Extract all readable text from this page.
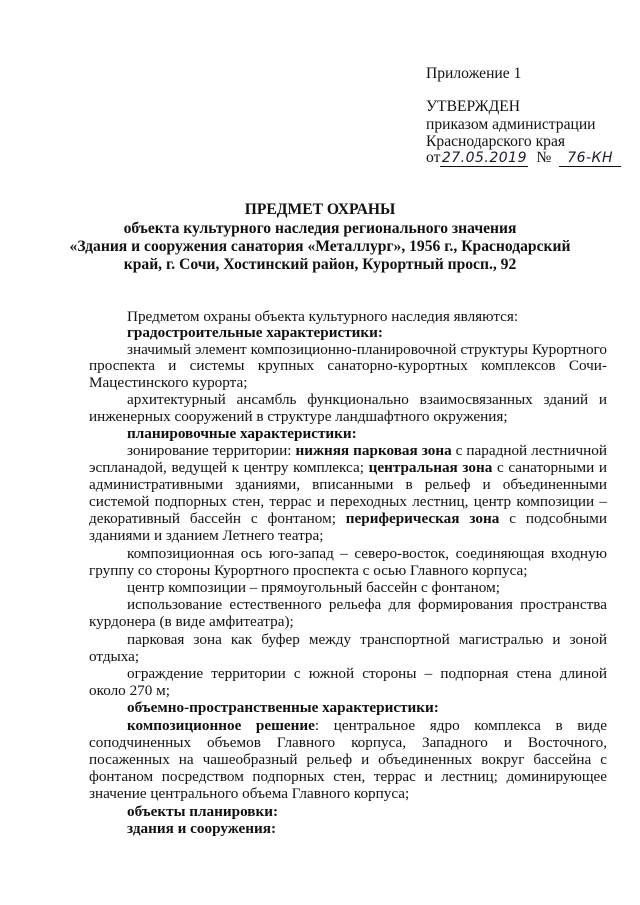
Приложение 1
УТВЕРЖДЕН
приказом администрации
Краснодарского края
от27.05.2019 № 76-КН
ПРЕДМЕТ ОХРАНЫ
объекта культурного наследия регионального значения
«Здания и сооружения санатория «Металлург», 1956 г., Краснодарский
край, г. Сочи, Хостинский район, Курортный просп., 92
Предметом охраны объекта культурного наследия являются:
градостроительные характеристики:
значимый элемент композиционно-планировочной структуры Курортного
проспекта и системы крупных санаторно-курортных комплексов Сочи-
Мацестинского курорта;
архитектурный ансамбль функционально взаимосвязанных зданий и
инженерных сооружений в структуре ландшафтного окружения;
планировочные характеристики:
зонирование территории: нижняя парковая зона с парадной лестничной
эспланадой, ведущей к центру комплекса; центральная зона с санаторными и
административными зданиями, вписанными в рельеф и объединенными
системой подпорных стен, террас и переходных лестниц, центр композиции –
декоративный бассейн с фонтаном; периферическая зона с подсобными
зданиями и зданием Летнего театра;
композиционная ось юго-запад – северо-восток, соединяющая входную
группу со стороны Курортного проспекта с осью Главного корпуса;
центр композиции – прямоугольный бассейн с фонтаном;
использование естественного рельефа для формирования пространства
курдонера (в виде амфитеатра);
парковая зона как буфер между транспортной магистралью и зоной
отдыха;
ограждение территории с южной стороны – подпорная стена длиной
около 270 м;
объемно-пространственные характеристики:
композиционное решение: центральное ядро комплекса в виде
соподчиненных объемов Главного корпуса, Западного и Восточного,
посаженных на чашеобразный рельеф и объединенных вокруг бассейна с
фонтаном посредством подпорных стен, террас и лестниц; доминирующее
значение центрального объема Главного корпуса;
объекты планировки:
здания и сооружения:
